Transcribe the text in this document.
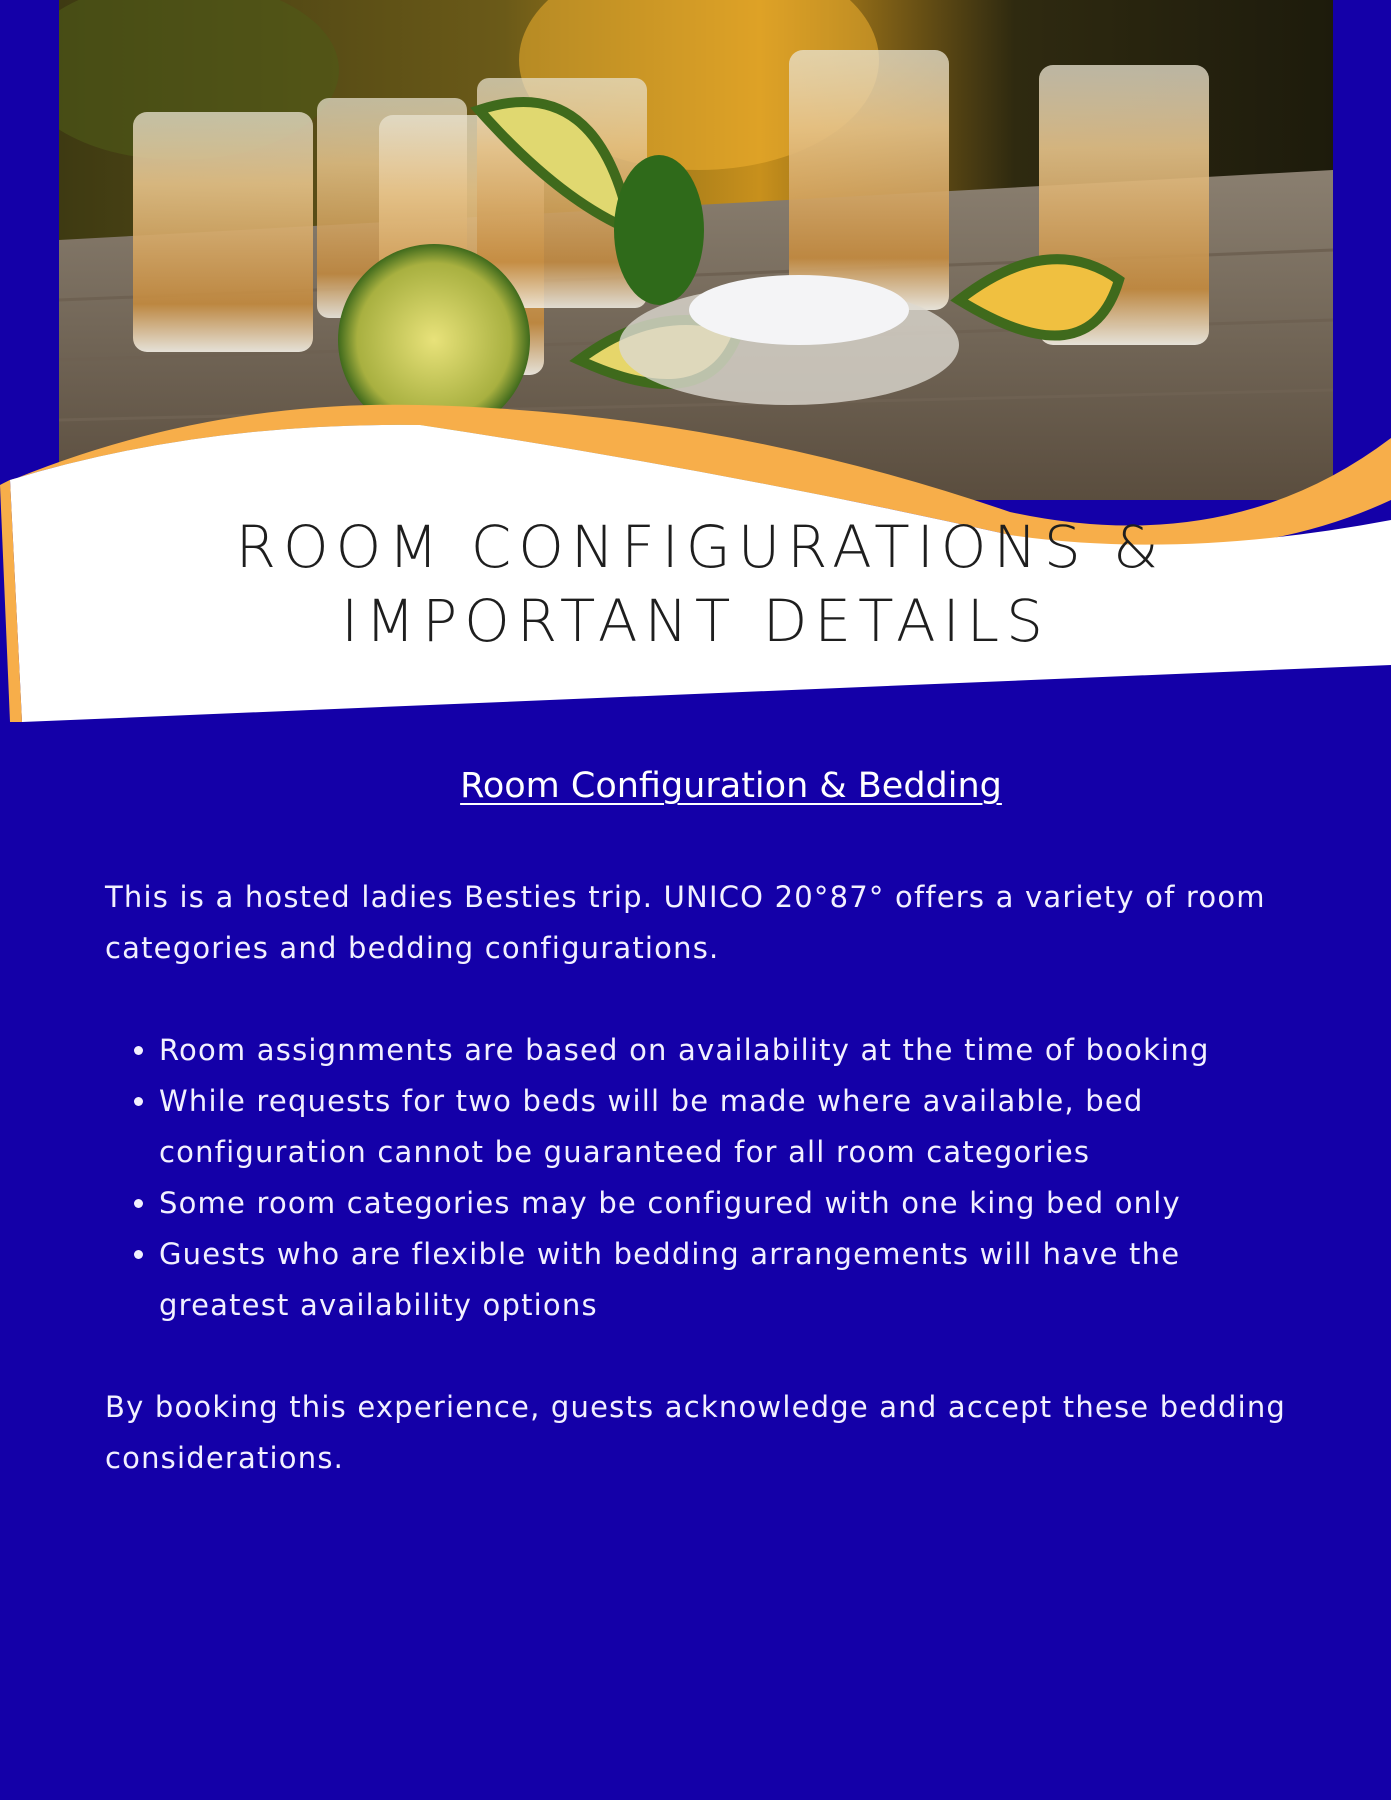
ROOM CONFIGURATIONS &
IMPORTANT DETAILS
Room Configuration & Bedding

This is a hosted ladies Besties trip. UNICO 20°87° offers a variety of room categories and bedding configurations.

• Room assignments are based on availability at the time of booking
• While requests for two beds will be made where available, bed configuration cannot be guaranteed for all room categories
• Some room categories may be configured with one king bed only
• Guests who are flexible with bedding arrangements will have the greatest availability options

By booking this experience, guests acknowledge and accept these bedding considerations.
